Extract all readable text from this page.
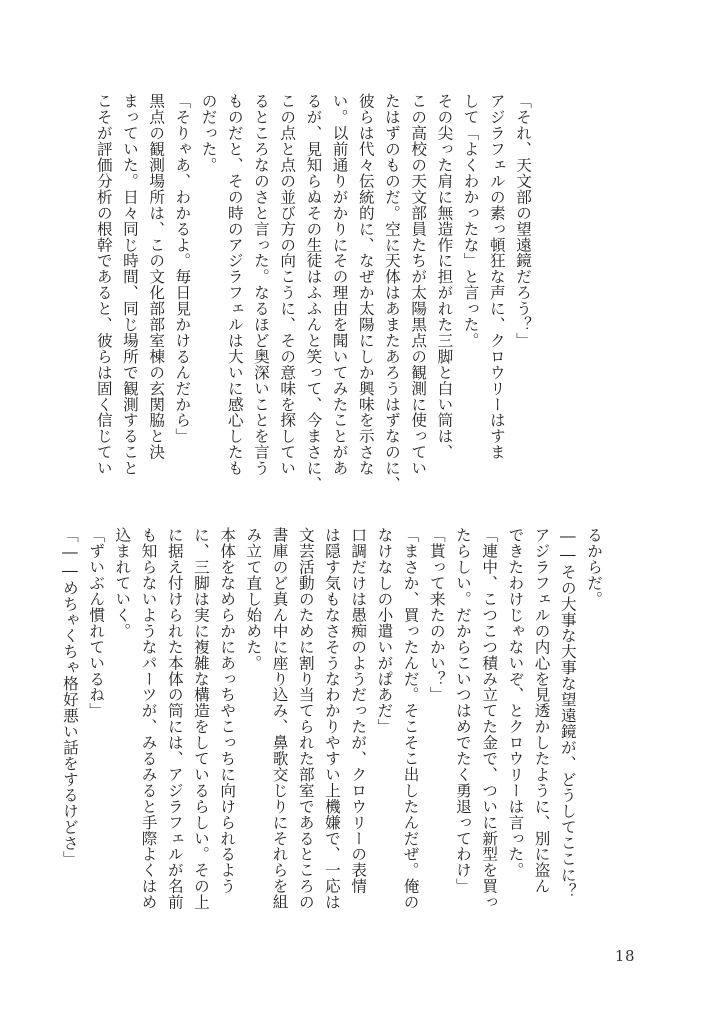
「それ、天文部の望遠鏡だろう？」
アジラフェルの素っ頓狂な声に、クロウリーはすま
して「よくわかったな」と言った。
その尖った肩に無造作に担がれた三脚と白い筒は、
この高校の天文部員たちが太陽黒点の観測に使ってい
たはずのものだ。空に天体はあまたあろうはずなのに、
彼らは代々伝統的に、なぜか太陽にしか興味を示さな
い。以前通りがかりにその理由を聞いてみたことがあ
るが、見知らぬその生徒はふふんと笑って、今まさに、
この点と点の並び方の向こうに、その意味を探してい
るところなのさと言った。なるほど奥深いことを言う
ものだと、その時のアジラフェルは大いに感心したも
のだった。
「そりゃあ、わかるよ。毎日見かけるんだから」
黒点の観測場所は、この文化部部室棟の玄関脇と決
まっていた。日々同じ時間、同じ場所で観測すること
こそが評価分析の根幹であると、彼らは固く信じてい
るからだ。
――その大事な大事な望遠鏡が、どうしてここに？
アジラフェルの内心を見透かしたように、別に盗ん
できたわけじゃないぞ、とクロウリーは言った。
「連中、こつこつ積み立てた金で、ついに新型を買っ
たらしい。だからこいつはめでたく勇退ってわけ」
「貰って来たのかい？」
「まさか、買ったんだ。そこそこ出したんだぜ。俺の
なけなしの小遣いがぱあだ」
口調だけは愚痴のようだったが、クロウリーの表情
は隠す気もなさそうなわかりやすい上機嫌で、一応は
文芸活動のために割り当てられた部室であるところの
書庫のど真ん中に座り込み、鼻歌交じりにそれらを組
み立て直し始めた。
本体をなめらかにあっちやこっちに向けられるよう
に、三脚は実に複雑な構造をしているらしい。その上
に据え付けられた本体の筒には、アジラフェルが名前
も知らないようなパーツが、みるみると手際よくはめ
込まれていく。
「ずいぶん慣れているね」
「――めちゃくちゃ格好悪い話をするけどさ」
18
